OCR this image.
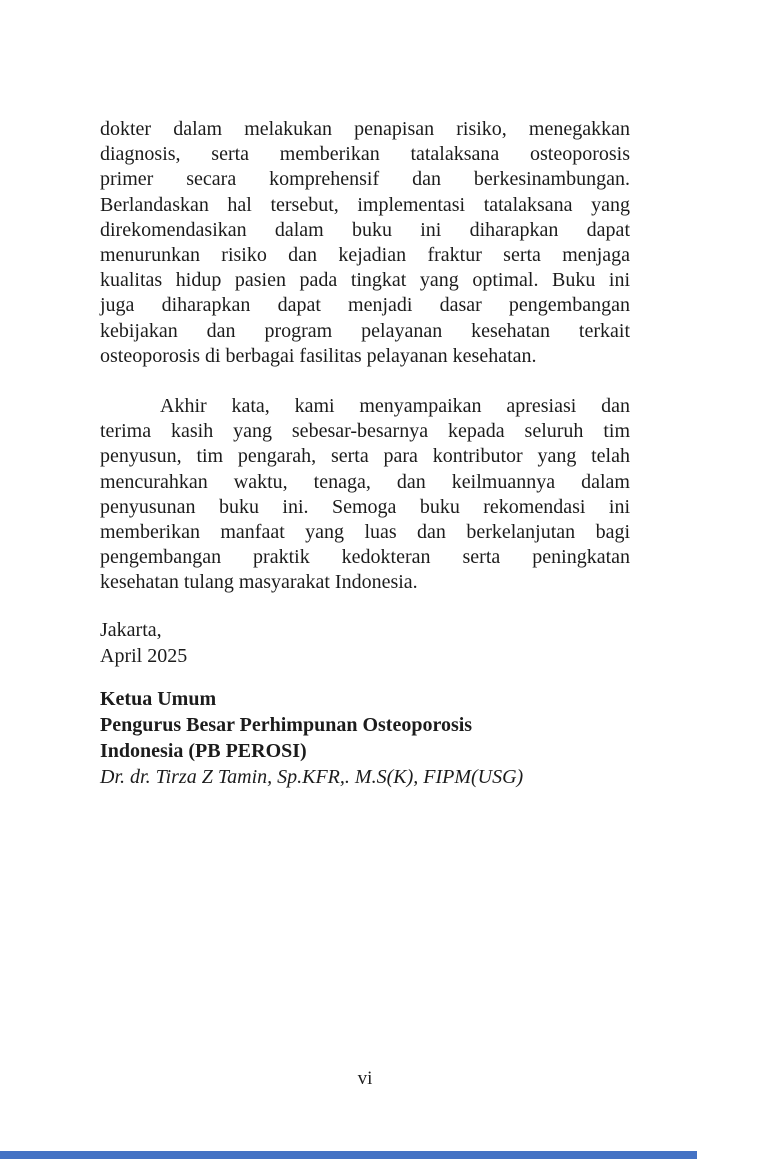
dokter dalam melakukan penapisan risiko, menegakkan
diagnosis, serta memberikan tatalaksana osteoporosis
primer secara komprehensif dan berkesinambungan.
Berlandaskan hal tersebut, implementasi tatalaksana yang
direkomendasikan dalam buku ini diharapkan dapat
menurunkan risiko dan kejadian fraktur serta menjaga
kualitas hidup pasien pada tingkat yang optimal. Buku ini
juga diharapkan dapat menjadi dasar pengembangan
kebijakan dan program pelayanan kesehatan terkait
osteoporosis di berbagai fasilitas pelayanan kesehatan.
Akhir kata, kami menyampaikan apresiasi dan
terima kasih yang sebesar-besarnya kepada seluruh tim
penyusun, tim pengarah, serta para kontributor yang telah
mencurahkan waktu, tenaga, dan keilmuannya dalam
penyusunan buku ini. Semoga buku rekomendasi ini
memberikan manfaat yang luas dan berkelanjutan bagi
pengembangan praktik kedokteran serta peningkatan
kesehatan tulang masyarakat Indonesia.
Jakarta,
April 2025
Ketua Umum
Pengurus Besar Perhimpunan Osteoporosis
Indonesia (PB PEROSI)
Dr. dr. Tirza Z Tamin, Sp.KFR,. M.S(K), FIPM(USG)
vi
